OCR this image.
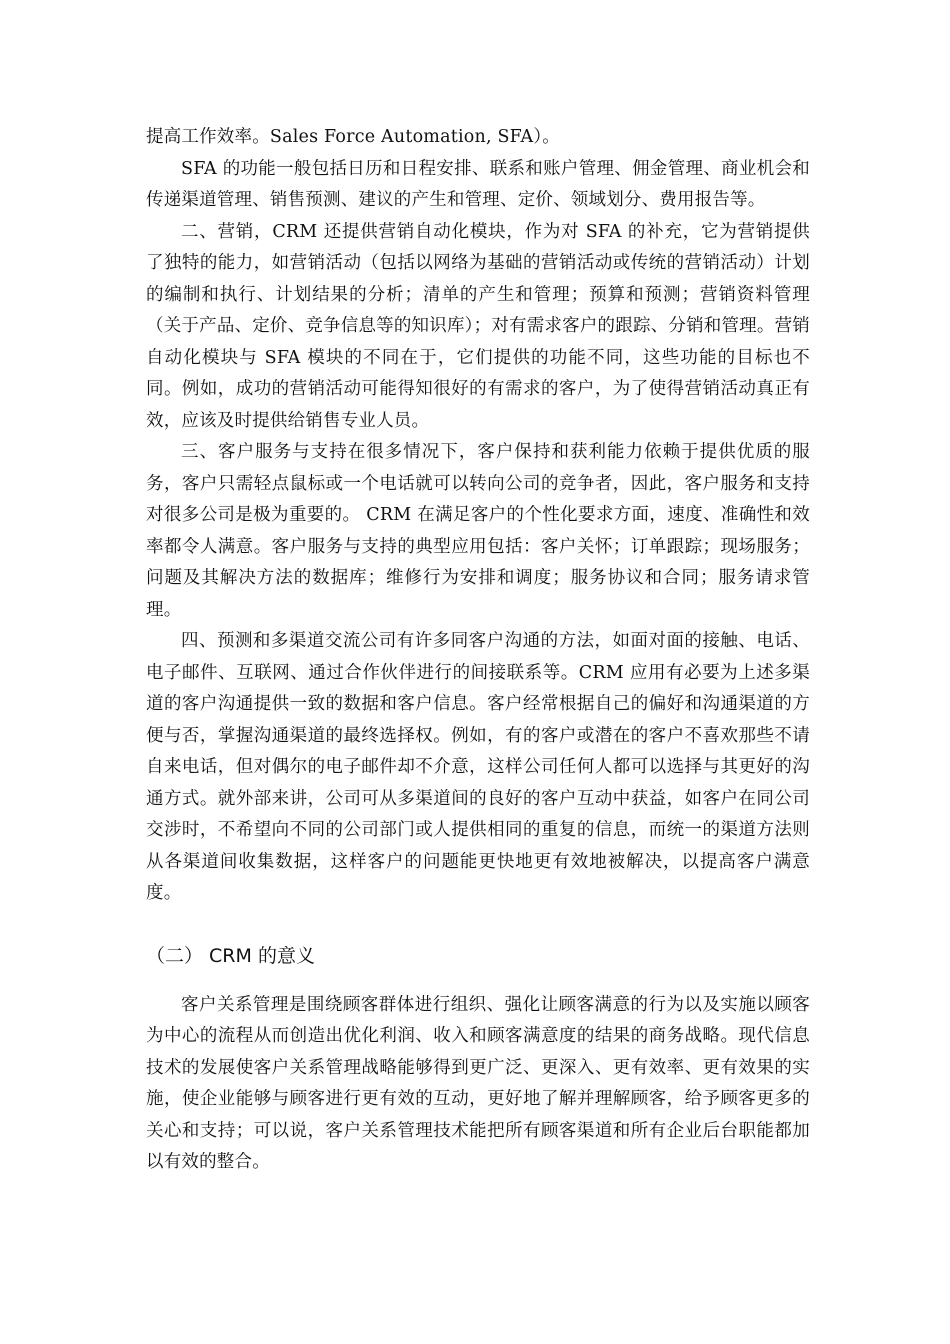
提高工作效率。Sales Force Automation, SFA）。

SFA 的功能一般包括日历和日程安排、联系和账户管理、佣金管理、商业机会和传递渠道管理、销售预测、建议的产生和管理、定价、领域划分、费用报告等。

二、营销，CRM 还提供营销自动化模块，作为对 SFA 的补充，它为营销提供了独特的能力，如营销活动（包括以网络为基础的营销活动或传统的营销活动）计划的编制和执行、计划结果的分析；清单的产生和管理；预算和预测；营销资料管理（关于产品、定价、竞争信息等的知识库）；对有需求客户的跟踪、分销和管理。营销自动化模块与 SFA 模块的不同在于，它们提供的功能不同，这些功能的目标也不同。例如，成功的营销活动可能得知很好的有需求的客户，为了使得营销活动真正有效，应该及时提供给销售专业人员。

三、客户服务与支持在很多情况下，客户保持和获利能力依赖于提供优质的服务，客户只需轻点鼠标或一个电话就可以转向公司的竞争者，因此，客户服务和支持对很多公司是极为重要的。 CRM 在满足客户的个性化要求方面，速度、准确性和效率都令人满意。客户服务与支持的典型应用包括：客户关怀；订单跟踪；现场服务；问题及其解决方法的数据库；维修行为安排和调度；服务协议和合同；服务请求管理。

四、预测和多渠道交流公司有许多同客户沟通的方法，如面对面的接触、电话、电子邮件、互联网、通过合作伙伴进行的间接联系等。CRM 应用有必要为上述多渠道的客户沟通提供一致的数据和客户信息。客户经常根据自己的偏好和沟通渠道的方便与否，掌握沟通渠道的最终选择权。例如，有的客户或潜在的客户不喜欢那些不请自来电话，但对偶尔的电子邮件却不介意，这样公司任何人都可以选择与其更好的沟通方式。就外部来讲，公司可从多渠道间的良好的客户互动中获益，如客户在同公司交涉时，不希望向不同的公司部门或人提供相同的重复的信息，而统一的渠道方法则从各渠道间收集数据，这样客户的问题能更快地更有效地被解决，以提高客户满意度。

（二） CRM 的意义

客户关系管理是围绕顾客群体进行组织、强化让顾客满意的行为以及实施以顾客为中心的流程从而创造出优化利润、收入和顾客满意度的结果的商务战略。现代信息技术的发展使客户关系管理战略能够得到更广泛、更深入、更有效率、更有效果的实施，使企业能够与顾客进行更有效的互动，更好地了解并理解顾客，给予顾客更多的关心和支持；可以说，客户关系管理技术能把所有顾客渠道和所有企业后台职能都加以有效的整合。
